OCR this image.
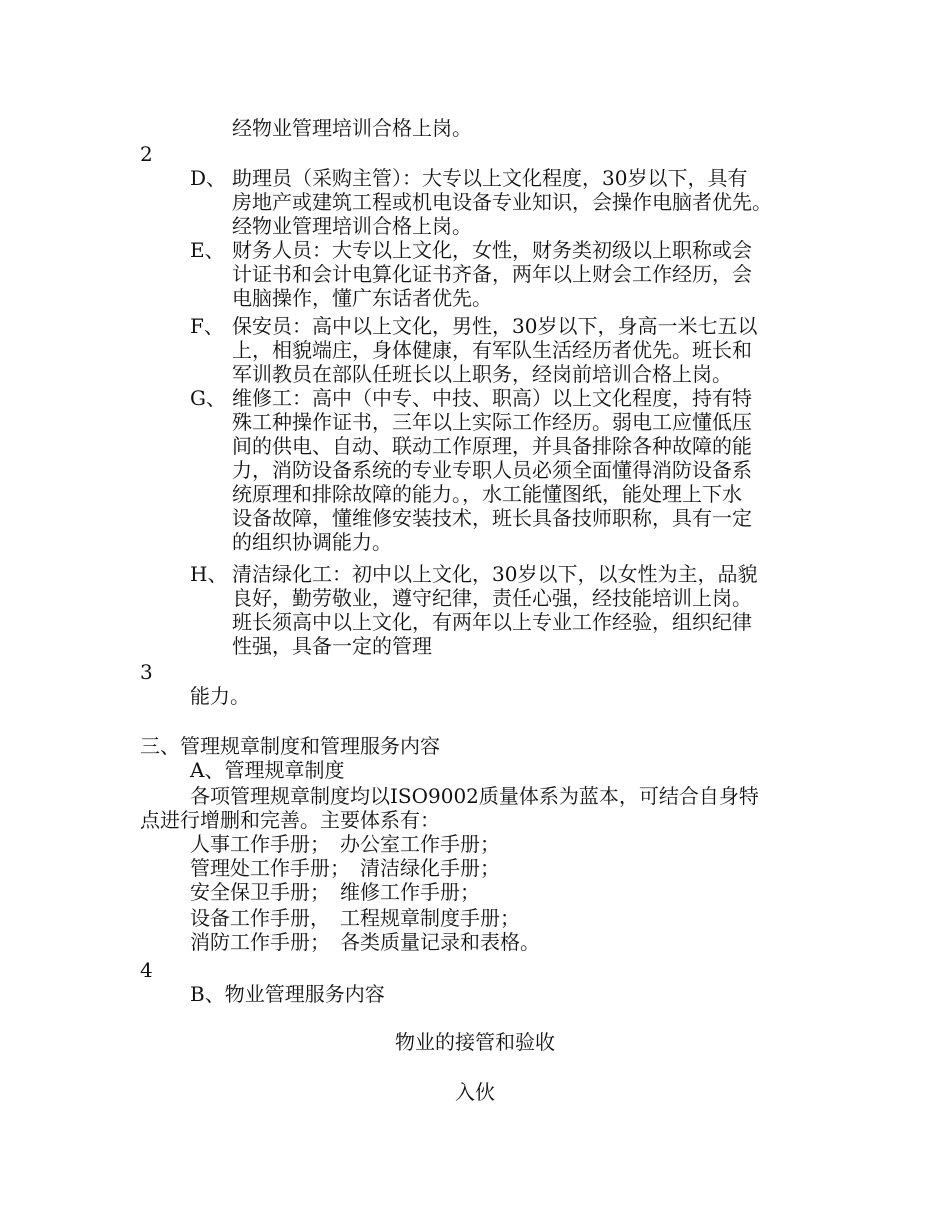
经物业管理培训合格上岗。
2
D、 助理员（采购主管）：大专以上文化程度，30岁以下，具有
房地产或建筑工程或机电设备专业知识，会操作电脑者优先。
经物业管理培训合格上岗。
E、 财务人员：大专以上文化，女性，财务类初级以上职称或会
计证书和会计电算化证书齐备，两年以上财会工作经历，会
电脑操作，懂广东话者优先。
F、 保安员：高中以上文化，男性，30岁以下，身高一米七五以
上，相貌端庄，身体健康，有军队生活经历者优先。班长和
军训教员在部队任班长以上职务，经岗前培训合格上岗。
G、 维修工：高中（中专、中技、职高）以上文化程度，持有特
殊工种操作证书，三年以上实际工作经历。弱电工应懂低压
间的供电、自动、联动工作原理，并具备排除各种故障的能
力，消防设备系统的专业专职人员必须全面懂得消防设备系
统原理和排除故障的能力。，水工能懂图纸，能处理上下水
设备故障，懂维修安装技术，班长具备技师职称，具有一定
的组织协调能力。
H、 清洁绿化工：初中以上文化，30岁以下，以女性为主，品貌
良好，勤劳敬业，遵守纪律，责任心强，经技能培训上岗。
班长须高中以上文化，有两年以上专业工作经验，组织纪律
性强，具备一定的管理
3
能力。
三、管理规章制度和管理服务内容
A、管理规章制度
各项管理规章制度均以ISO9002质量体系为蓝本，可结合自身特
点进行增删和完善。主要体系有：
人事工作手册；　办公室工作手册；
管理处工作手册；　清洁绿化手册；
安全保卫手册；　维修工作手册；
设备工作手册，　工程规章制度手册；
消防工作手册；　各类质量记录和表格。
4
B、物业管理服务内容
物业的接管和验收
入伙
